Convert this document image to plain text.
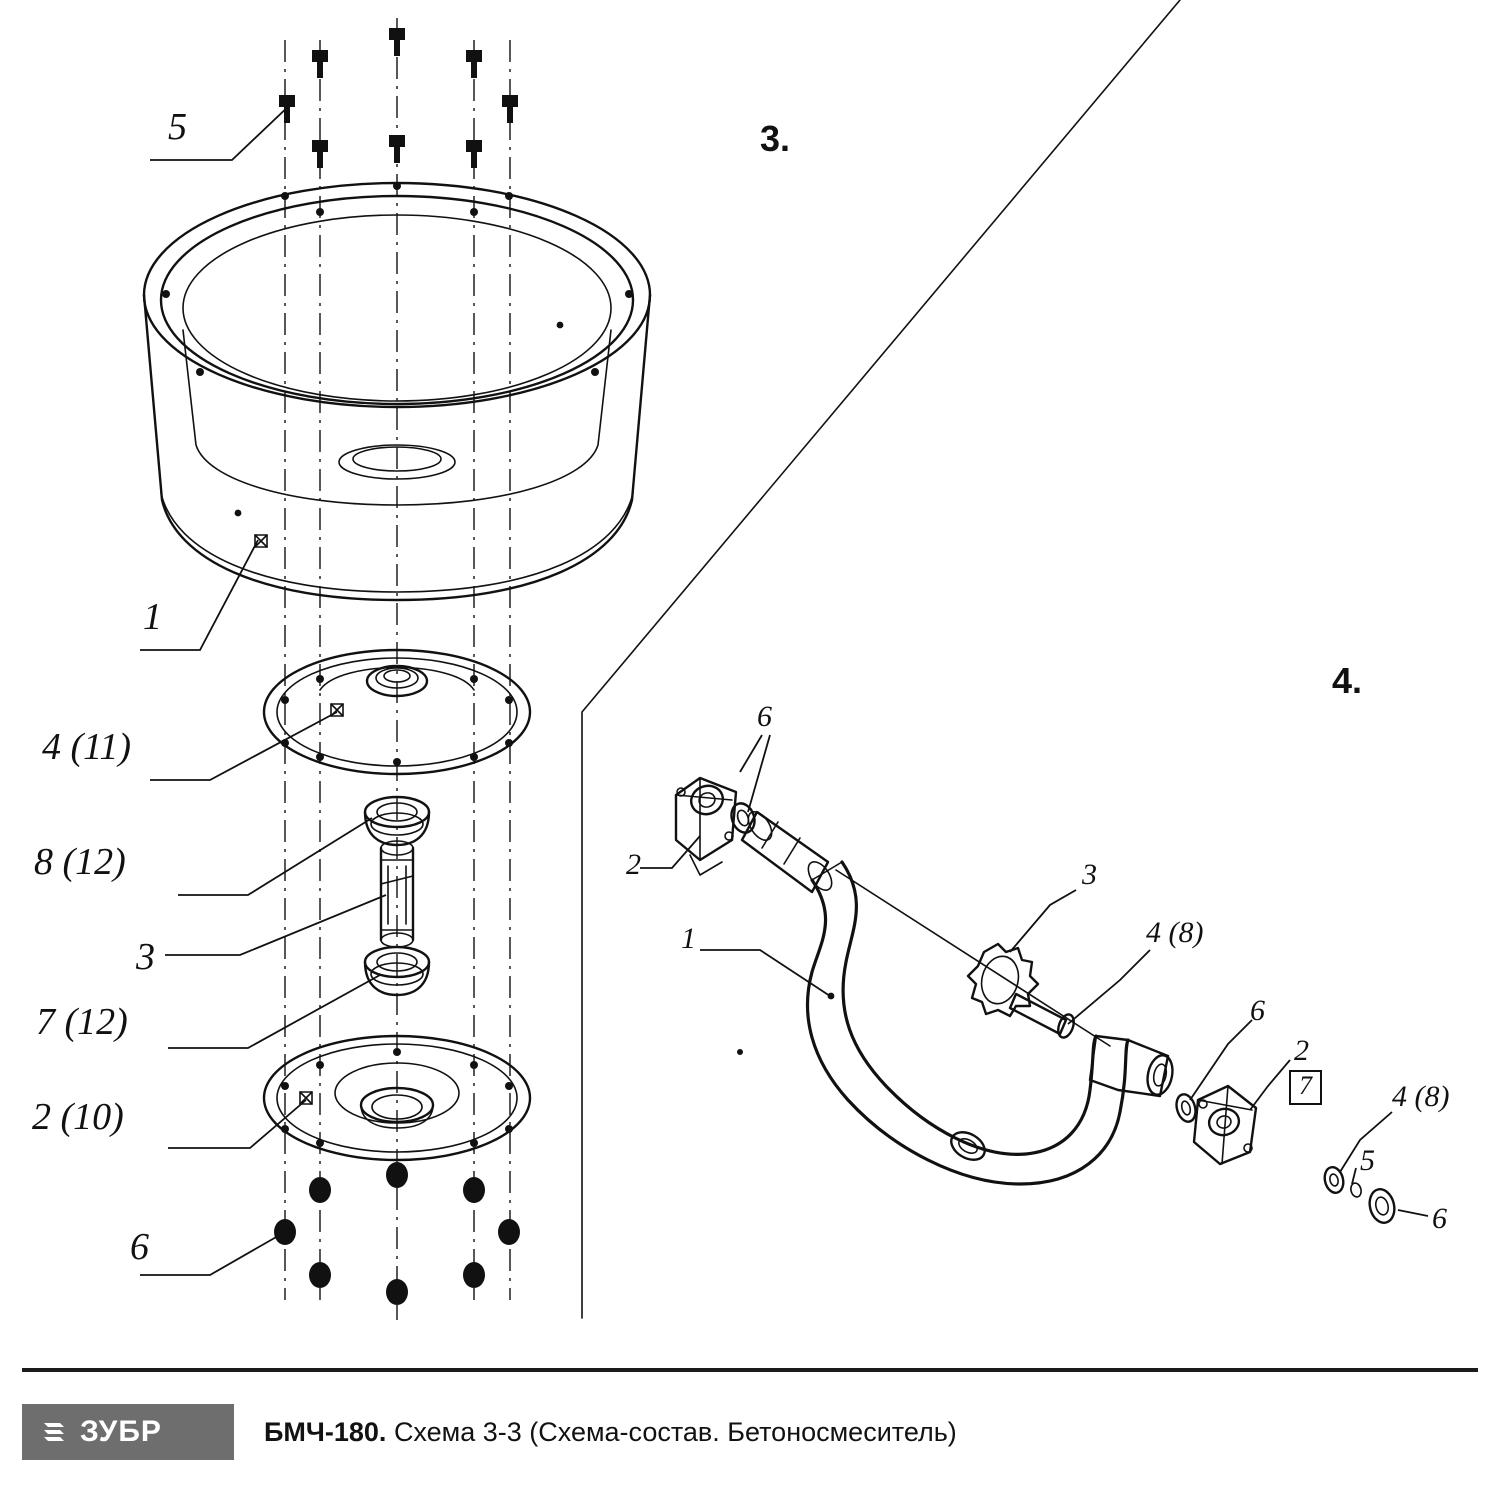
3.
4.
5
1
4 (11)
8 (12)
3
7 (12)
2 (10)
6
6
2
1
3
4 (8)
6
2
4 (8)
5
6
7
ЗУБР	БМЧ-180. Схема 3-3 (Схема-состав. Бетоносмеситель)
